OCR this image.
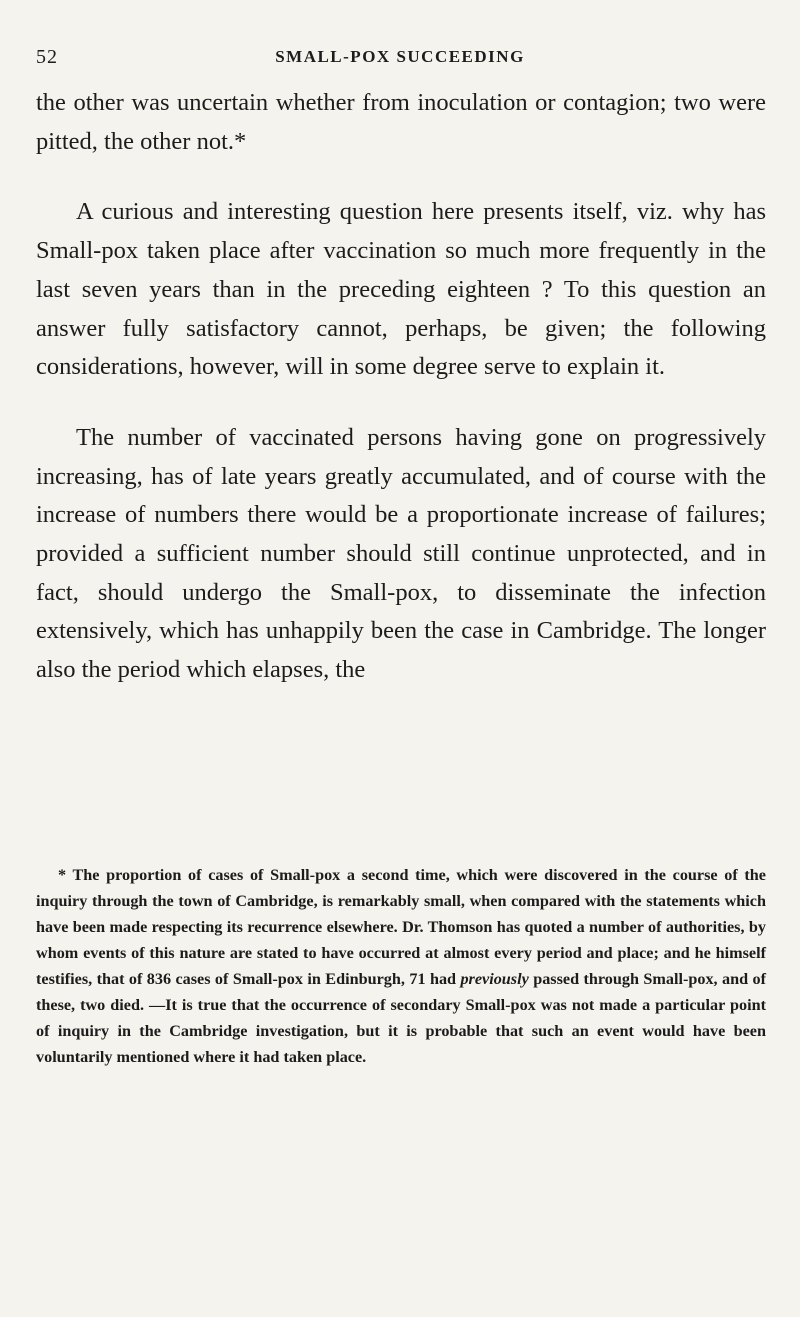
52	SMALL-POX SUCCEEDING

the other was uncertain whether from inoculation or contagion; two were pitted, the other not.*

A curious and interesting question here presents itself, viz. why has Small-pox taken place after vaccination so much more frequently in the last seven years than in the preceding eighteen ? To this question an answer fully satisfactory cannot, perhaps, be given; the following considerations, however, will in some degree serve to explain it.

The number of vaccinated persons having gone on progressively increasing, has of late years greatly accumulated, and of course with the increase of numbers there would be a proportionate increase of failures; provided a sufficient number should still continue unprotected, and in fact, should undergo the Small-pox, to disseminate the infection extensively, which has unhappily been the case in Cambridge. The longer also the period which elapses, the

* The proportion of cases of Small-pox a second time, which were discovered in the course of the inquiry through the town of Cambridge, is remarkably small, when compared with the statements which have been made respecting its recurrence elsewhere. Dr. Thomson has quoted a number of authorities, by whom events of this nature are stated to have occurred at almost every period and place; and he himself testifies, that of 836 cases of Small-pox in Edinburgh, 71 had previously passed through Small-pox, and of these, two died. —It is true that the occurrence of secondary Small-pox was not made a particular point of inquiry in the Cambridge investigation, but it is probable that such an event would have been voluntarily mentioned where it had taken place.
